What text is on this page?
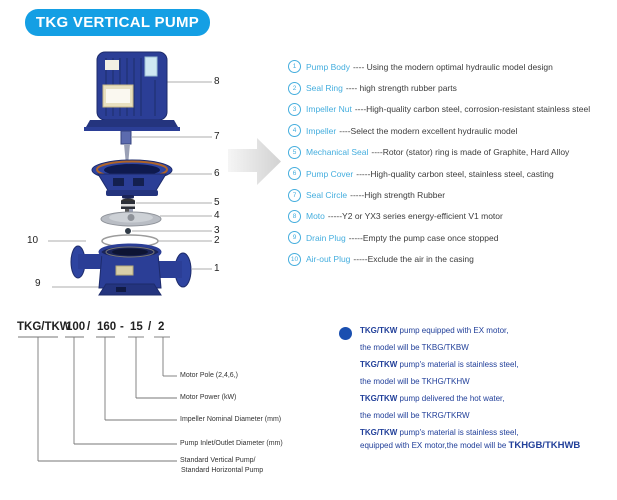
TKG VERTICAL PUMP
8
7
6
5
4
3
2
1
10
9
1	Pump Body ---- Using the modern optimal hydraulic model design
2	Seal Ring ---- high strength rubber parts
3	Impeller Nut ----High-quality carbon steel, corrosion-resistant stainless steel
4	Impeller ----Select the modern excellent hydraulic model
5	Mechanical Seal ----Rotor (stator) ring is made of Graphite, Hard Alloy
6	Pump Cover -----High-quality carbon steel, stainless steel, casting
7	Seal Circle -----High strength Rubber
8	Moto -----Y2 or YX3 series energy-efficient V1 motor
9	Drain Plug -----Empty the pump case once stopped
10 Air-out Plug -----Exclude the air in the casing
TKG/TKW
100 / 160 - 15 / 2
Motor Pole (2,4,6,)
Motor Power (kW)
Impeller Nominal Diameter (mm)
Pump Inlet/Outlet Diameter (mm)
Standard Vertical Pump/
Standard Horizontal Pump

TKG/TKW pump equipped with EX motor,

the model will be TKBG/TKBW

TKG/TKW pump's material is stainless steel,

the model will be TKHG/TKHW

TKG/TKW pump delivered the hot water,

the model will be TKRG/TKRW

TKG/TKW pump's material is stainless steel,

equipped with EX motor,the model will be TKHGB/TKHWB
